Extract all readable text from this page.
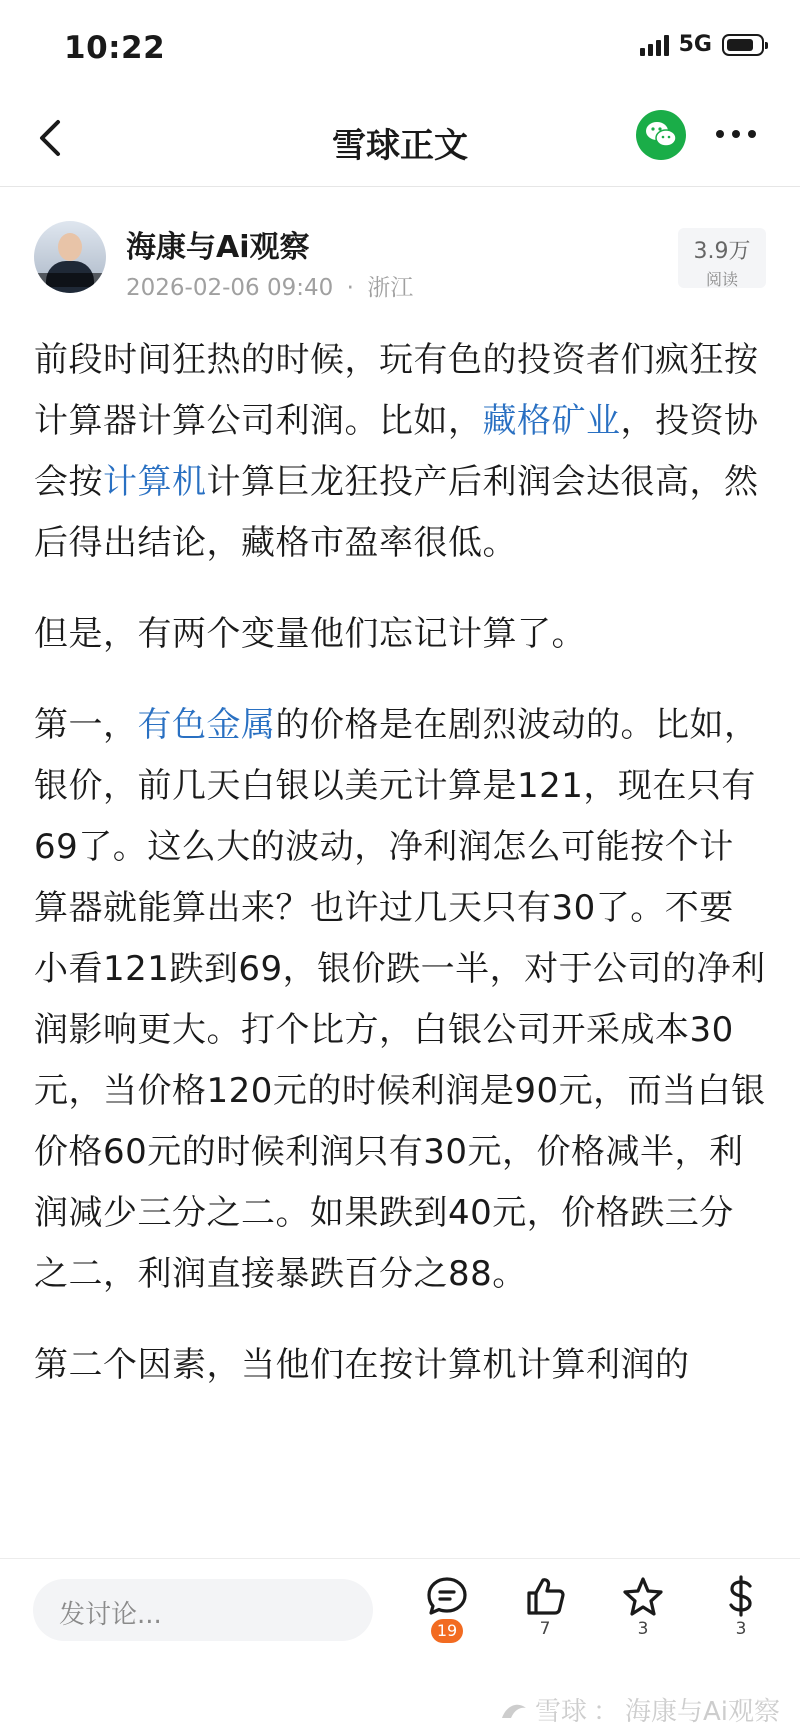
10:22	5G
雪球正文
海康与Ai观察
2026-02-06 09:40 · 浙江
3.9万
阅读

前段时间狂热的时候，玩有色的投资者们疯狂按计算器计算公司利润。比如，藏格矿业，投资协会按计算机计算巨龙狂投产后利润会达很高，然后得出结论，藏格市盈率很低。

但是，有两个变量他们忘记计算了。

第一，有色金属的价格是在剧烈波动的。比如，银价，前几天白银以美元计算是121，现在只有69了。这么大的波动，净利润怎么可能按个计算器就能算出来？也许过几天只有30了。不要小看121跌到69，银价跌一半，对于公司的净利润影响更大。打个比方，白银公司开采成本30元，当价格120元的时候利润是90元，而当白银价格60元的时候利润只有30元，价格减半，利润减少三分之二。如果跌到40元，价格跌三分之二，利润直接暴跌百分之88。

第二个因素，当他们在按计算机计算利润的

发讨论...
19	7	3	3
雪球 ： 海康与Ai观察
